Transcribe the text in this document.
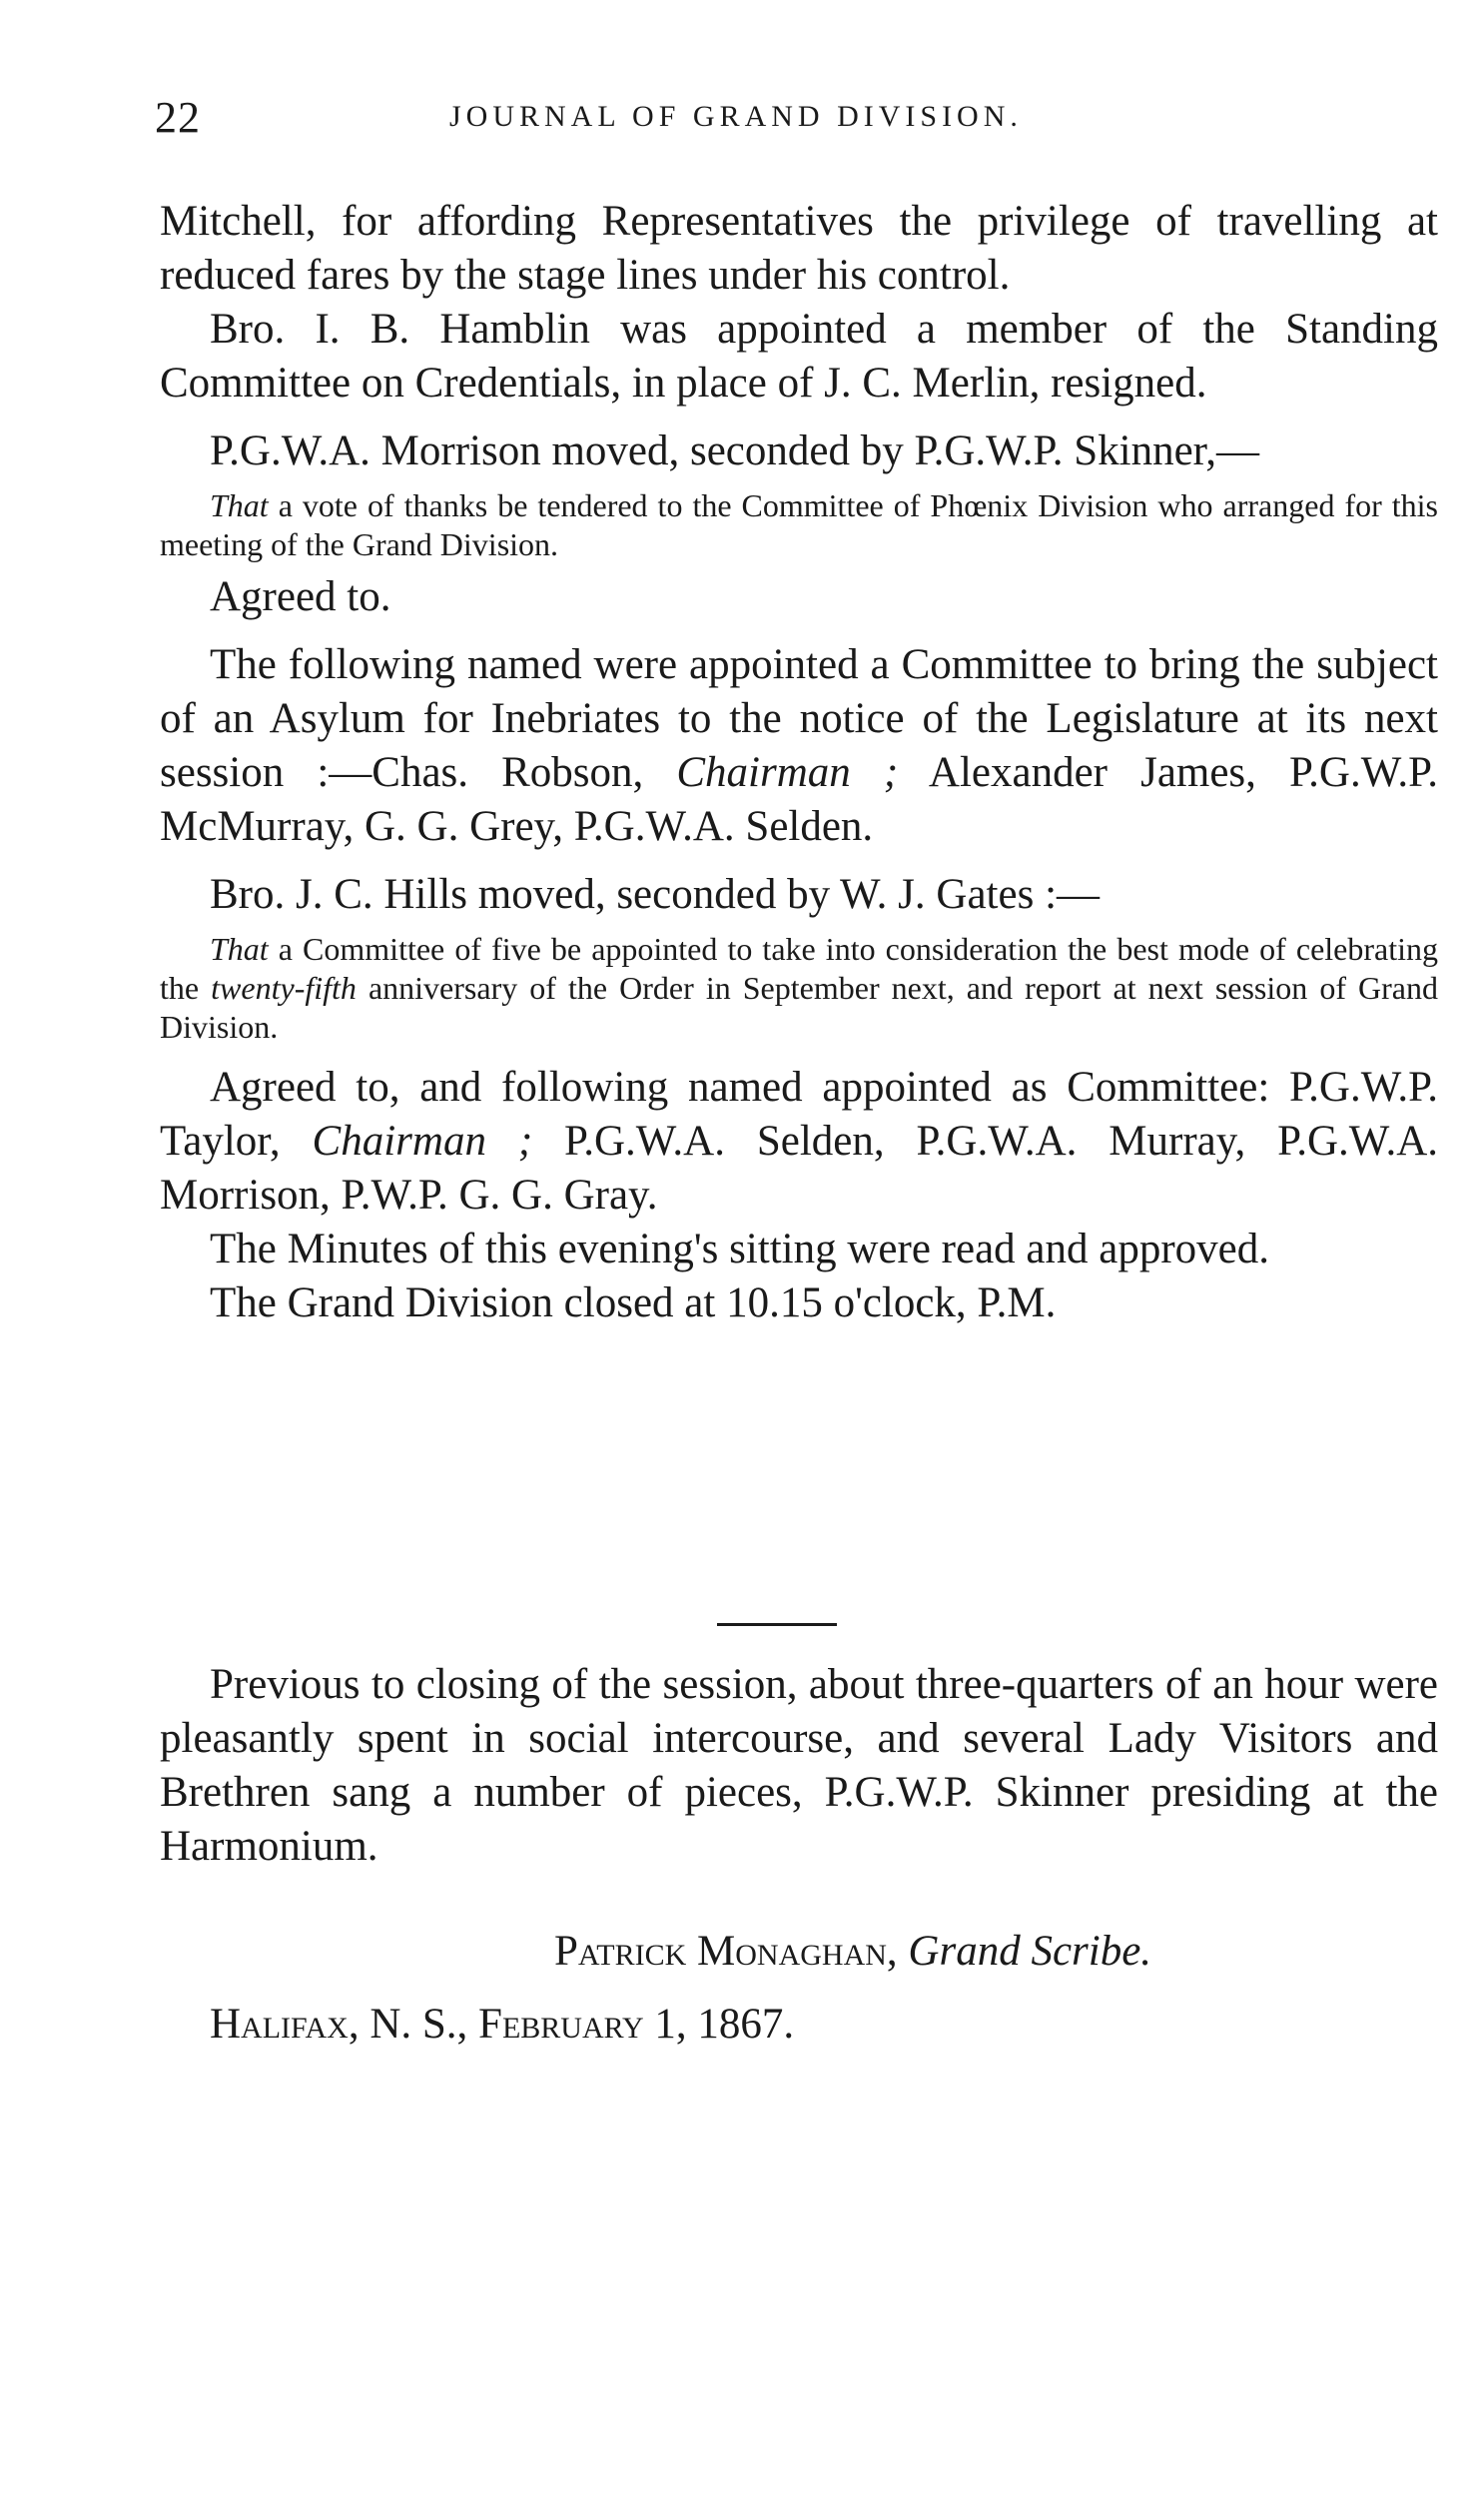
22	JOURNAL OF GRAND DIVISION.

Mitchell, for affording Representatives the privilege of travelling at reduced fares by the stage lines under his control.

Bro. I. B. Hamblin was appointed a member of the Standing Committee on Credentials, in place of J. C. Merlin, resigned.

P.G.W.A. Morrison moved, seconded by P.G.W.P. Skinner,—

That a vote of thanks be tendered to the Committee of Phœnix Division who arranged for this meeting of the Grand Division.

Agreed to.

The following named were appointed a Committee to bring the subject of an Asylum for Inebriates to the notice of the Legislature at its next session :—Chas. Robson, Chairman ; Alexander James, P.G.W.P. McMurray, G. G. Grey, P.G.W.A. Selden.

Bro. J. C. Hills moved, seconded by W. J. Gates :—

That a Committee of five be appointed to take into consideration the best mode of celebrating the twenty-fifth anniversary of the Order in September next, and report at next session of Grand Division.

Agreed to, and following named appointed as Committee: P.G.W.P. Taylor, Chairman ; P.G.W.A. Selden, P.G.W.A. Murray, P.G.W.A. Morrison, P.W.P. G. G. Gray.

The Minutes of this evening's sitting were read and approved.

The Grand Division closed at 10.15 o'clock, P.M.

Previous to closing of the session, about three-quarters of an hour were pleasantly spent in social intercourse, and several Lady Visitors and Brethren sang a number of pieces, P.G.W.P. Skinner presiding at the Harmonium.

Patrick Monaghan, Grand Scribe.
Halifax, N. S., February 1, 1867.
